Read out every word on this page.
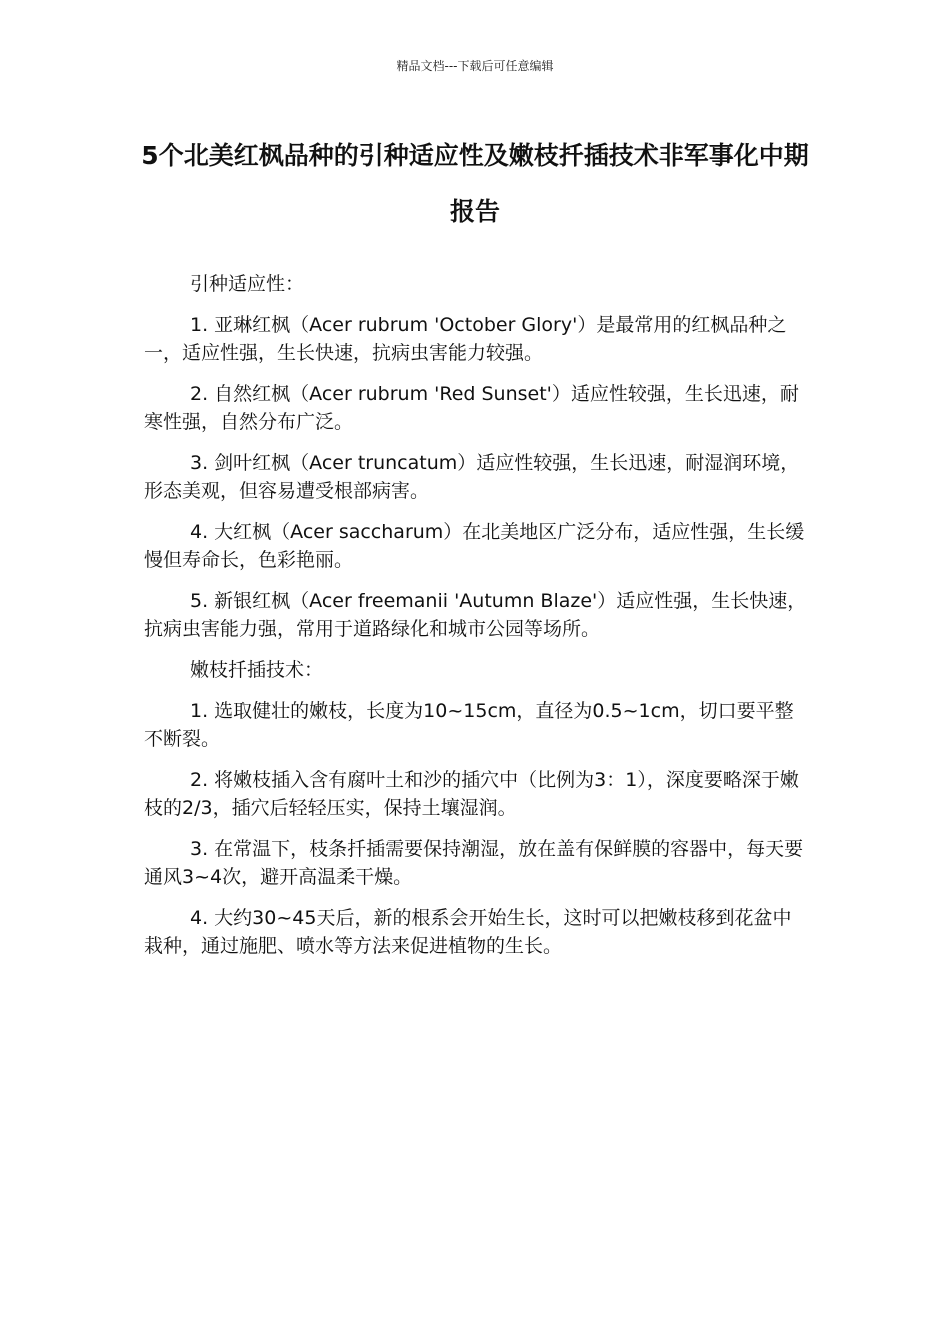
精品文档---下载后可任意编辑
5个北美红枫品种的引种适应性及嫩枝扦插技术非军事化中期报告

引种适应性：

1. 亚琳红枫（Acer rubrum 'October Glory'）是最常用的红枫品种之一，适应性强，生长快速，抗病虫害能力较强。

2. 自然红枫（Acer rubrum 'Red Sunset'）适应性较强，生长迅速，耐寒性强，自然分布广泛。

3. 剑叶红枫（Acer truncatum）适应性较强，生长迅速，耐湿润环境，形态美观，但容易遭受根部病害。

4. 大红枫（Acer saccharum）在北美地区广泛分布，适应性强，生长缓慢但寿命长，色彩艳丽。

5. 新银红枫（Acer freemanii 'Autumn Blaze'）适应性强，生长快速，抗病虫害能力强，常用于道路绿化和城市公园等场所。

嫩枝扦插技术：

1. 选取健壮的嫩枝，长度为10~15cm，直径为0.5~1cm，切口要平整不断裂。

2. 将嫩枝插入含有腐叶土和沙的插穴中（比例为3：1），深度要略深于嫩枝的2/3，插穴后轻轻压实，保持土壤湿润。

3. 在常温下，枝条扦插需要保持潮湿，放在盖有保鲜膜的容器中，每天要通风3~4次，避开高温柔干燥。

4. 大约30~45天后，新的根系会开始生长，这时可以把嫩枝移到花盆中栽种，通过施肥、喷水等方法来促进植物的生长。
